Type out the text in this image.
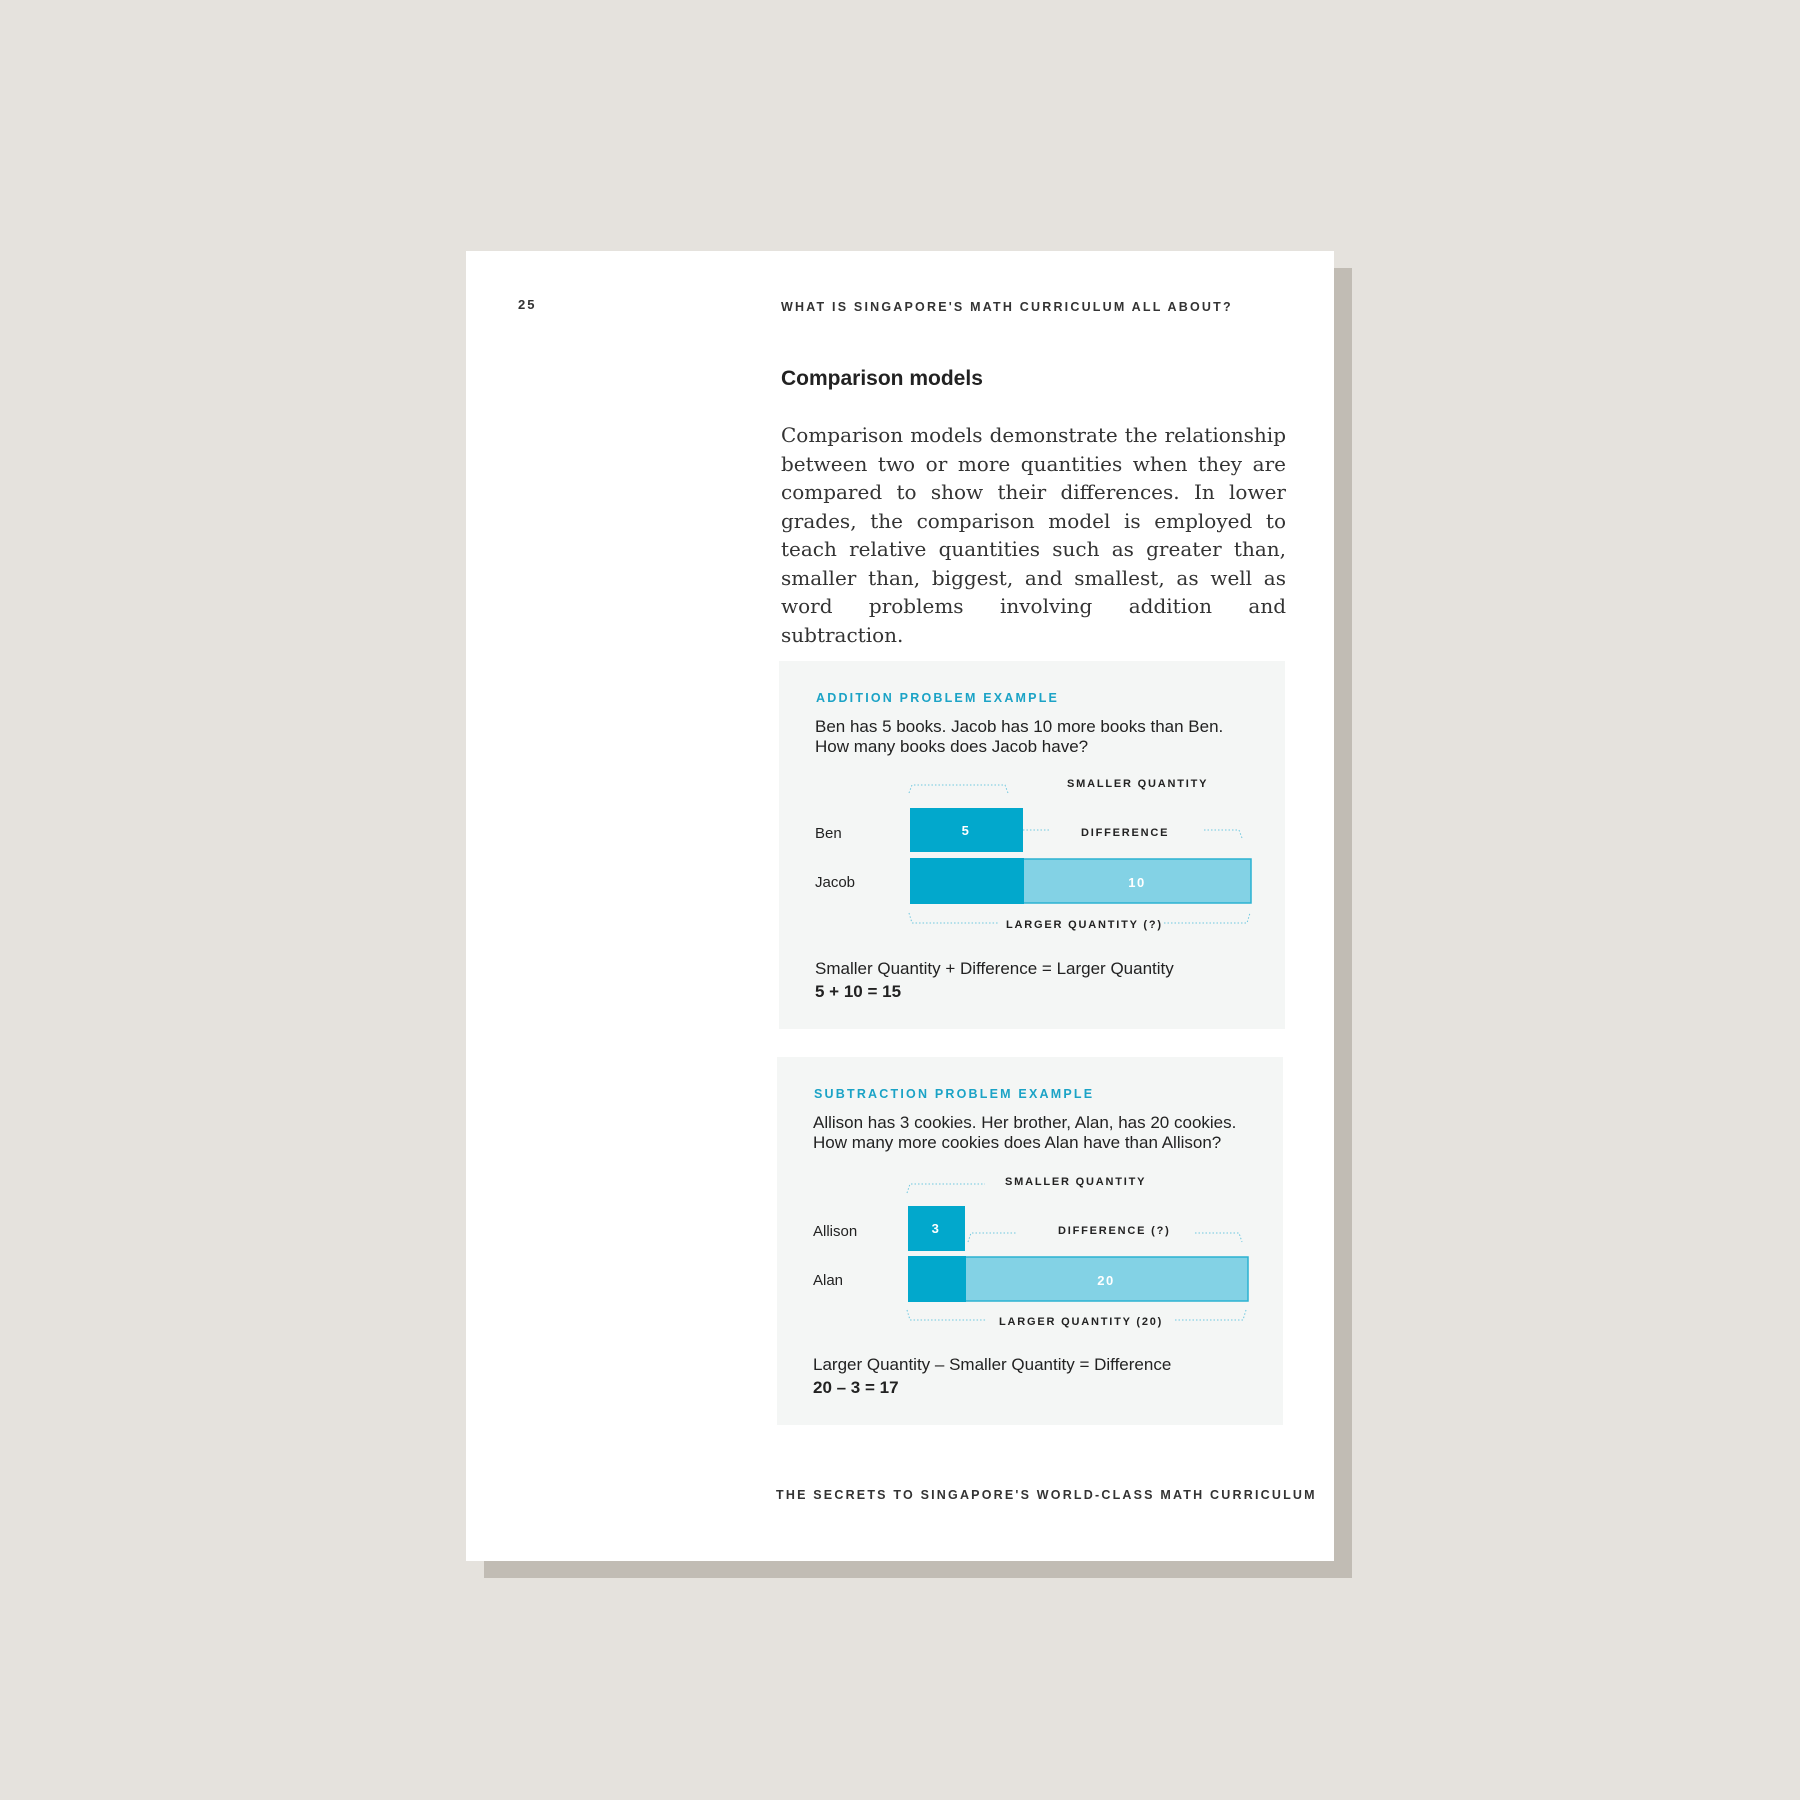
25	WHAT IS SINGAPORE'S MATH CURRICULUM ALL ABOUT?
Comparison models

Comparison models demonstrate the relationship between two or more quantities when they are compared to show their differences. In lower grades, the comparison model is employed to teach relative quantities such as greater than, smaller than, biggest, and smallest, as well as word problems involving addition and subtraction.

ADDITION PROBLEM EXAMPLE
Ben has 5 books. Jacob has 10 more books than Ben.
How many books does Jacob have?
SMALLER QUANTITY
DIFFERENCE
Ben
Jacob
5
10
LARGER QUANTITY (?)
Smaller Quantity + Difference = Larger Quantity
5 + 10 = 15
SUBTRACTION PROBLEM EXAMPLE
Allison has 3 cookies. Her brother, Alan, has 20 cookies.
How many more cookies does Alan have than Allison?
SMALLER QUANTITY
DIFFERENCE (?)
Allison
Alan
3
20
LARGER QUANTITY (20)
Larger Quantity – Smaller Quantity = Difference
20 – 3 = 17
THE SECRETS TO SINGAPORE'S WORLD-CLASS MATH CURRICULUM
